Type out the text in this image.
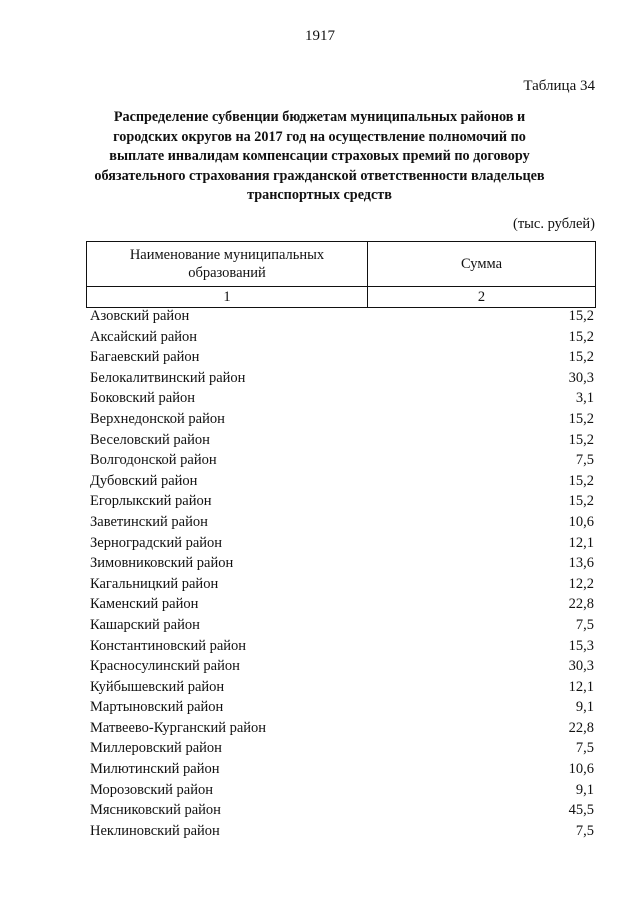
1917
Таблица 34
Распределение субвенции бюджетам муниципальных районов и
городских округов на 2017 год на осуществление полномочий по
выплате инвалидам компенсации страховых премий по договору
обязательного страхования гражданской ответственности владельцев
транспортных средств
(тыс. рублей)
Наименование муниципальных
образований	Сумма
1	2
Азовский район	15,2
Аксайский район	15,2
Багаевский район	15,2
Белокалитвинский район	30,3
Боковский район	3,1
Верхнедонской район	15,2
Веселовский район	15,2
Волгодонской район	7,5
Дубовский район	15,2
Егорлыкский район	15,2
Заветинский район	10,6
Зерноградский район	12,1
Зимовниковский район	13,6
Кагальницкий район	12,2
Каменский район	22,8
Кашарский район	7,5
Константиновский район	15,3
Красносулинский район	30,3
Куйбышевский район	12,1
Мартыновский район	9,1
Матвеево-Курганский район	22,8
Миллеровский район	7,5
Милютинский район	10,6
Морозовский район	9,1
Мясниковский район	45,5
Неклиновский район	7,5
